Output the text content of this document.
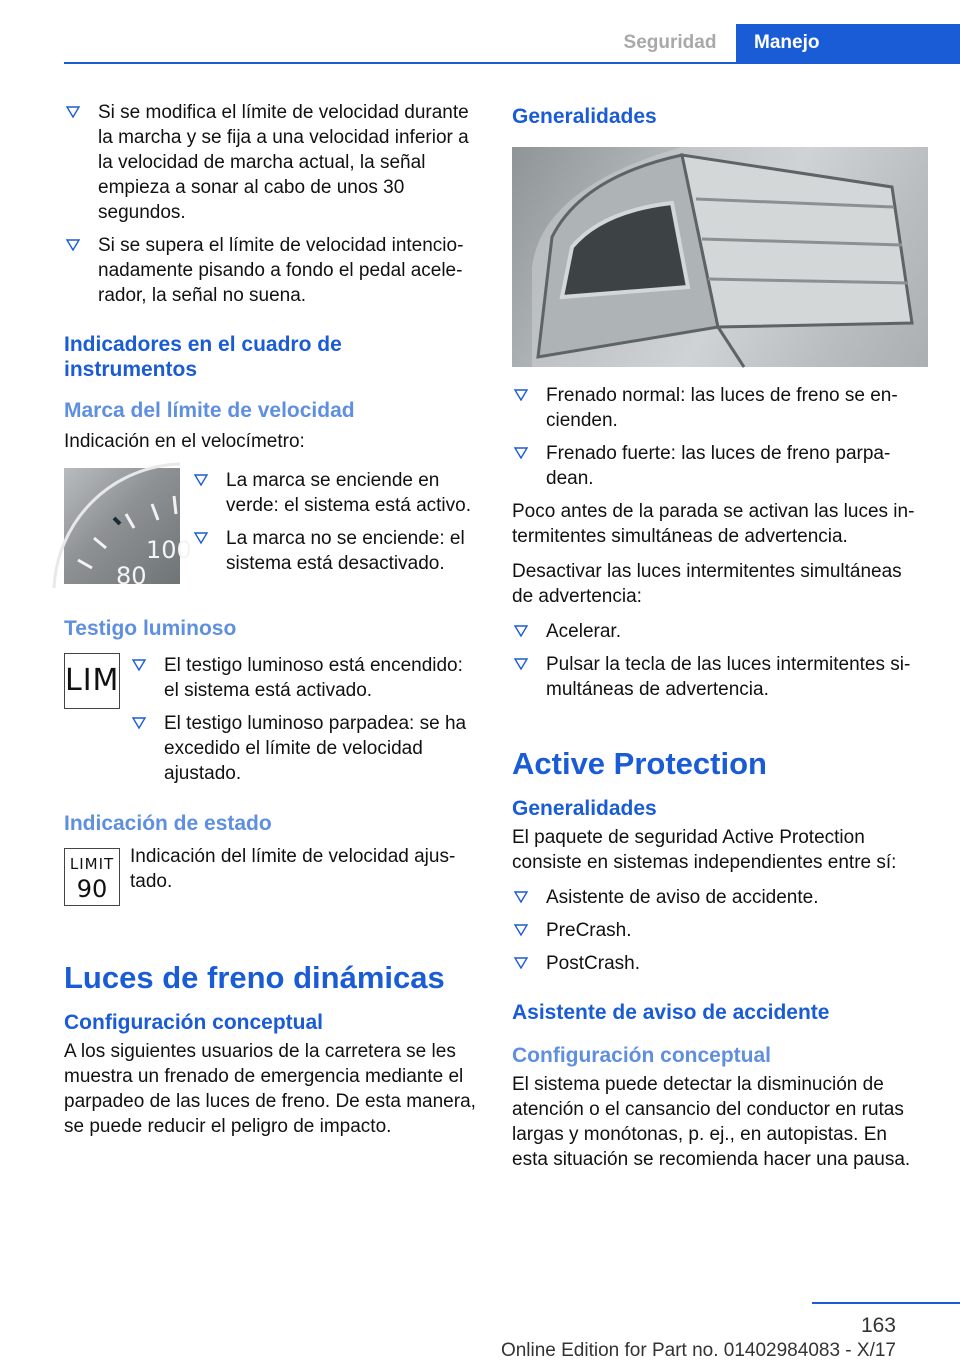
Seguridad	Manejo
Si se modifica el límite de velocidad durante la marcha y se fija a una velocidad inferior a la velocidad de marcha actual, la señal empieza a sonar al cabo de unos 30 segundos.
Si se supera el límite de velocidad intencionadamente pisando a fondo el pedal acelerador, la señal no suena.
Indicadores en el cuadro de instrumentos
Marca del límite de velocidad
Indicación en el velocímetro:
100
80
La marca se enciende en verde: el sistema está activo.
La marca no se enciende: el sistema está desactivado.
Testigo luminoso
LIM	El testigo luminoso está encendido: el sistema está activado.
El testigo luminoso parpadea: se ha excedido el límite de velocidad ajustado.
Indicación de estado
LIMIT
90
Indicación del límite de velocidad ajustado.
Luces de freno dinámicas
Configuración conceptual
A los siguientes usuarios de la carretera se les muestra un frenado de emergencia mediante el parpadeo de las luces de freno. De esta manera, se puede reducir el peligro de impacto.
Generalidades
Frenado normal: las luces de freno se encienden.
Frenado fuerte: las luces de freno parpadean.
Poco antes de la parada se activan las luces intermitentes simultáneas de advertencia.
Desactivar las luces intermitentes simultáneas de advertencia:
Acelerar.
Pulsar la tecla de las luces intermitentes simultáneas de advertencia.
Active Protection
Generalidades
El paquete de seguridad Active Protection consiste en sistemas independientes entre sí:
Asistente de aviso de accidente.
PreCrash.
PostCrash.
Asistente de aviso de accidente
Configuración conceptual
El sistema puede detectar la disminución de atención o el cansancio del conductor en rutas largas y monótonas, p. ej., en autopistas. En esta situación se recomienda hacer una pausa.
163
Online Edition for Part no. 01402984083 - X/17
